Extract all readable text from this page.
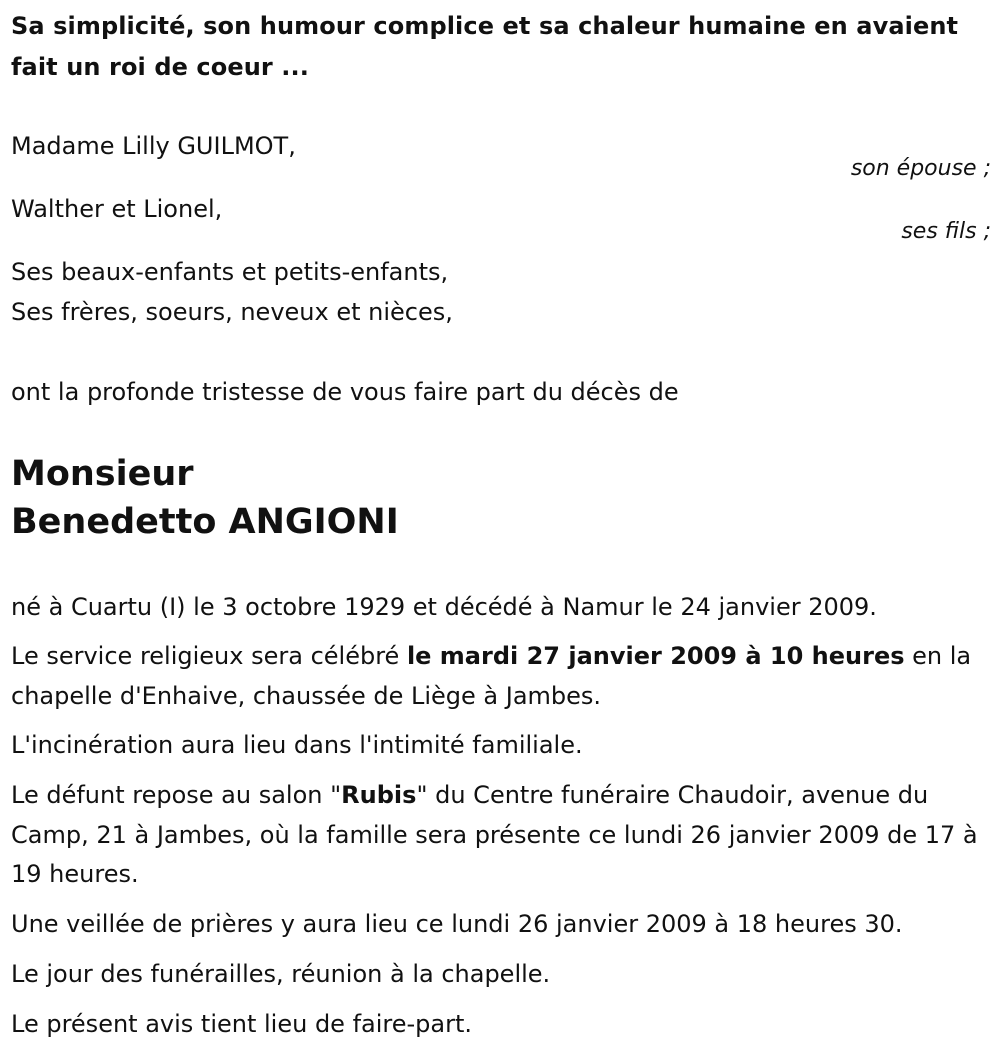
Sa simplicité, son humour complice et sa chaleur humaine en avaient fait un roi de coeur ...
Madame Lilly GUILMOT,
son épouse ;
Walther et Lionel,
ses fils ;
Ses beaux-enfants et petits-enfants,
Ses frères, soeurs, neveux et nièces,
ont la profonde tristesse de vous faire part du décès de
Monsieur
Benedetto ANGIONI
né à Cuartu (I) le 3 octobre 1929 et décédé à Namur le 24 janvier 2009.
Le service religieux sera célébré le mardi 27 janvier 2009 à 10 heures en la chapelle d'Enhaive, chaussée de Liège à Jambes.
L'incinération aura lieu dans l'intimité familiale.
Le défunt repose au salon "Rubis" du Centre funéraire Chaudoir, avenue du Camp, 21 à Jambes, où la famille sera présente ce lundi 26 janvier 2009 de 17 à 19 heures.
Une veillée de prières y aura lieu ce lundi 26 janvier 2009 à 18 heures 30.
Le jour des funérailles, réunion à la chapelle.
Le présent avis tient lieu de faire-part.
